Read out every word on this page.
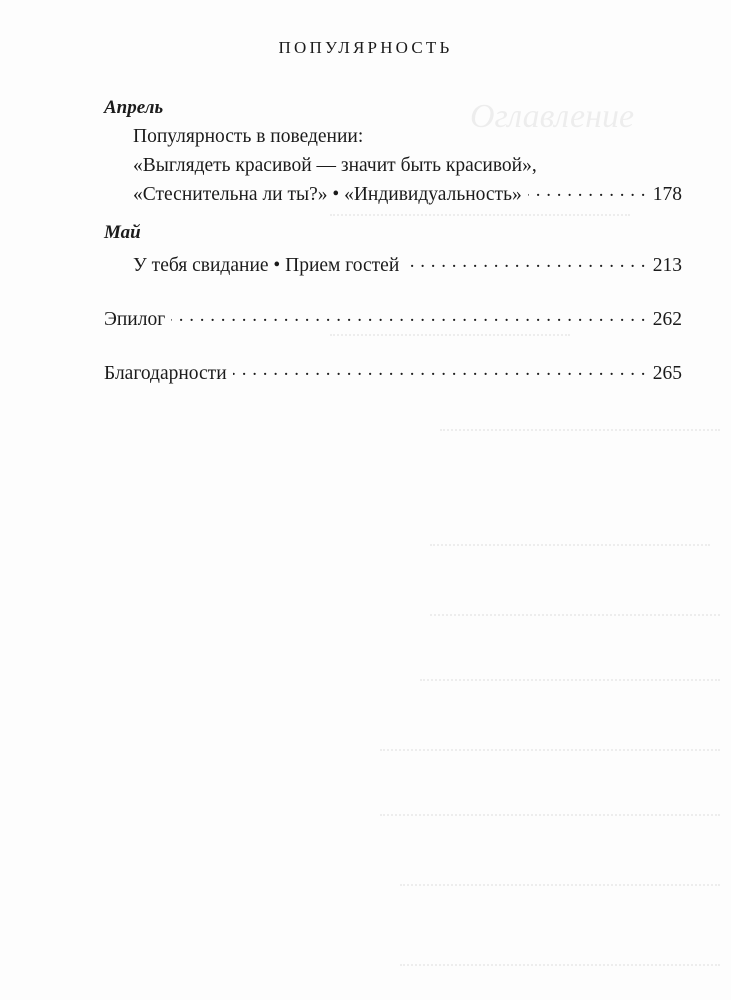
Оглавление
ПОПУЛЯРНОСТЬ
Апрель
Популярность в поведении:
«Выглядеть красивой — значит быть красивой»,
«Стеснительна ли ты?» • «Индивидуальность» . . .	178
Май
У тебя свидание • Прием гостей . . .	213
Эпилог . . .	262
Благодарности . . .	265
